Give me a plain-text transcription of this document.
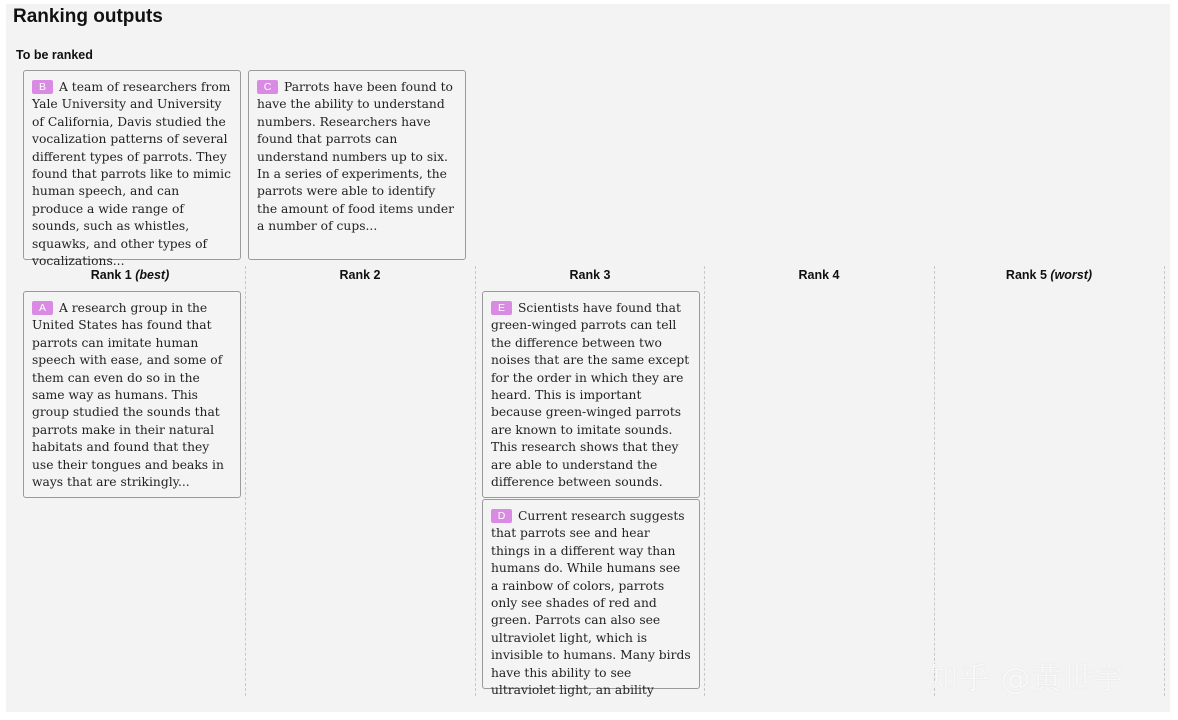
Ranking outputs
To be ranked
B A team of researchers from Yale University and University of California, Davis studied the vocalization patterns of several different types of parrots. They found that parrots like to mimic human speech, and can produce a wide range of sounds, such as whistles, squawks, and other types of vocalizations...
C Parrots have been found to have the ability to understand numbers. Researchers have found that parrots can understand numbers up to six. In a series of experiments, the parrots were able to identify the amount of food items under a number of cups...
Rank 1 (best)	Rank 2	Rank 3	Rank 4	Rank 5 (worst)
A A research group in the United States has found that parrots can imitate human speech with ease, and some of them can even do so in the same way as humans. This group studied the sounds that parrots make in their natural habitats and found that they use their tongues and beaks in ways that are strikingly...
E Scientists have found that green-winged parrots can tell the difference between two noises that are the same except for the order in which they are heard. This is important because green-winged parrots are known to imitate sounds. This research shows that they are able to understand the difference between sounds.
D Current research suggests that parrots see and hear things in a different way than humans do. While humans see a rainbow of colors, parrots only see shades of red and green. Parrots can also see ultraviolet light, which is invisible to humans. Many birds have this ability to see ultraviolet light, an ability	知乎 @黄世宇
